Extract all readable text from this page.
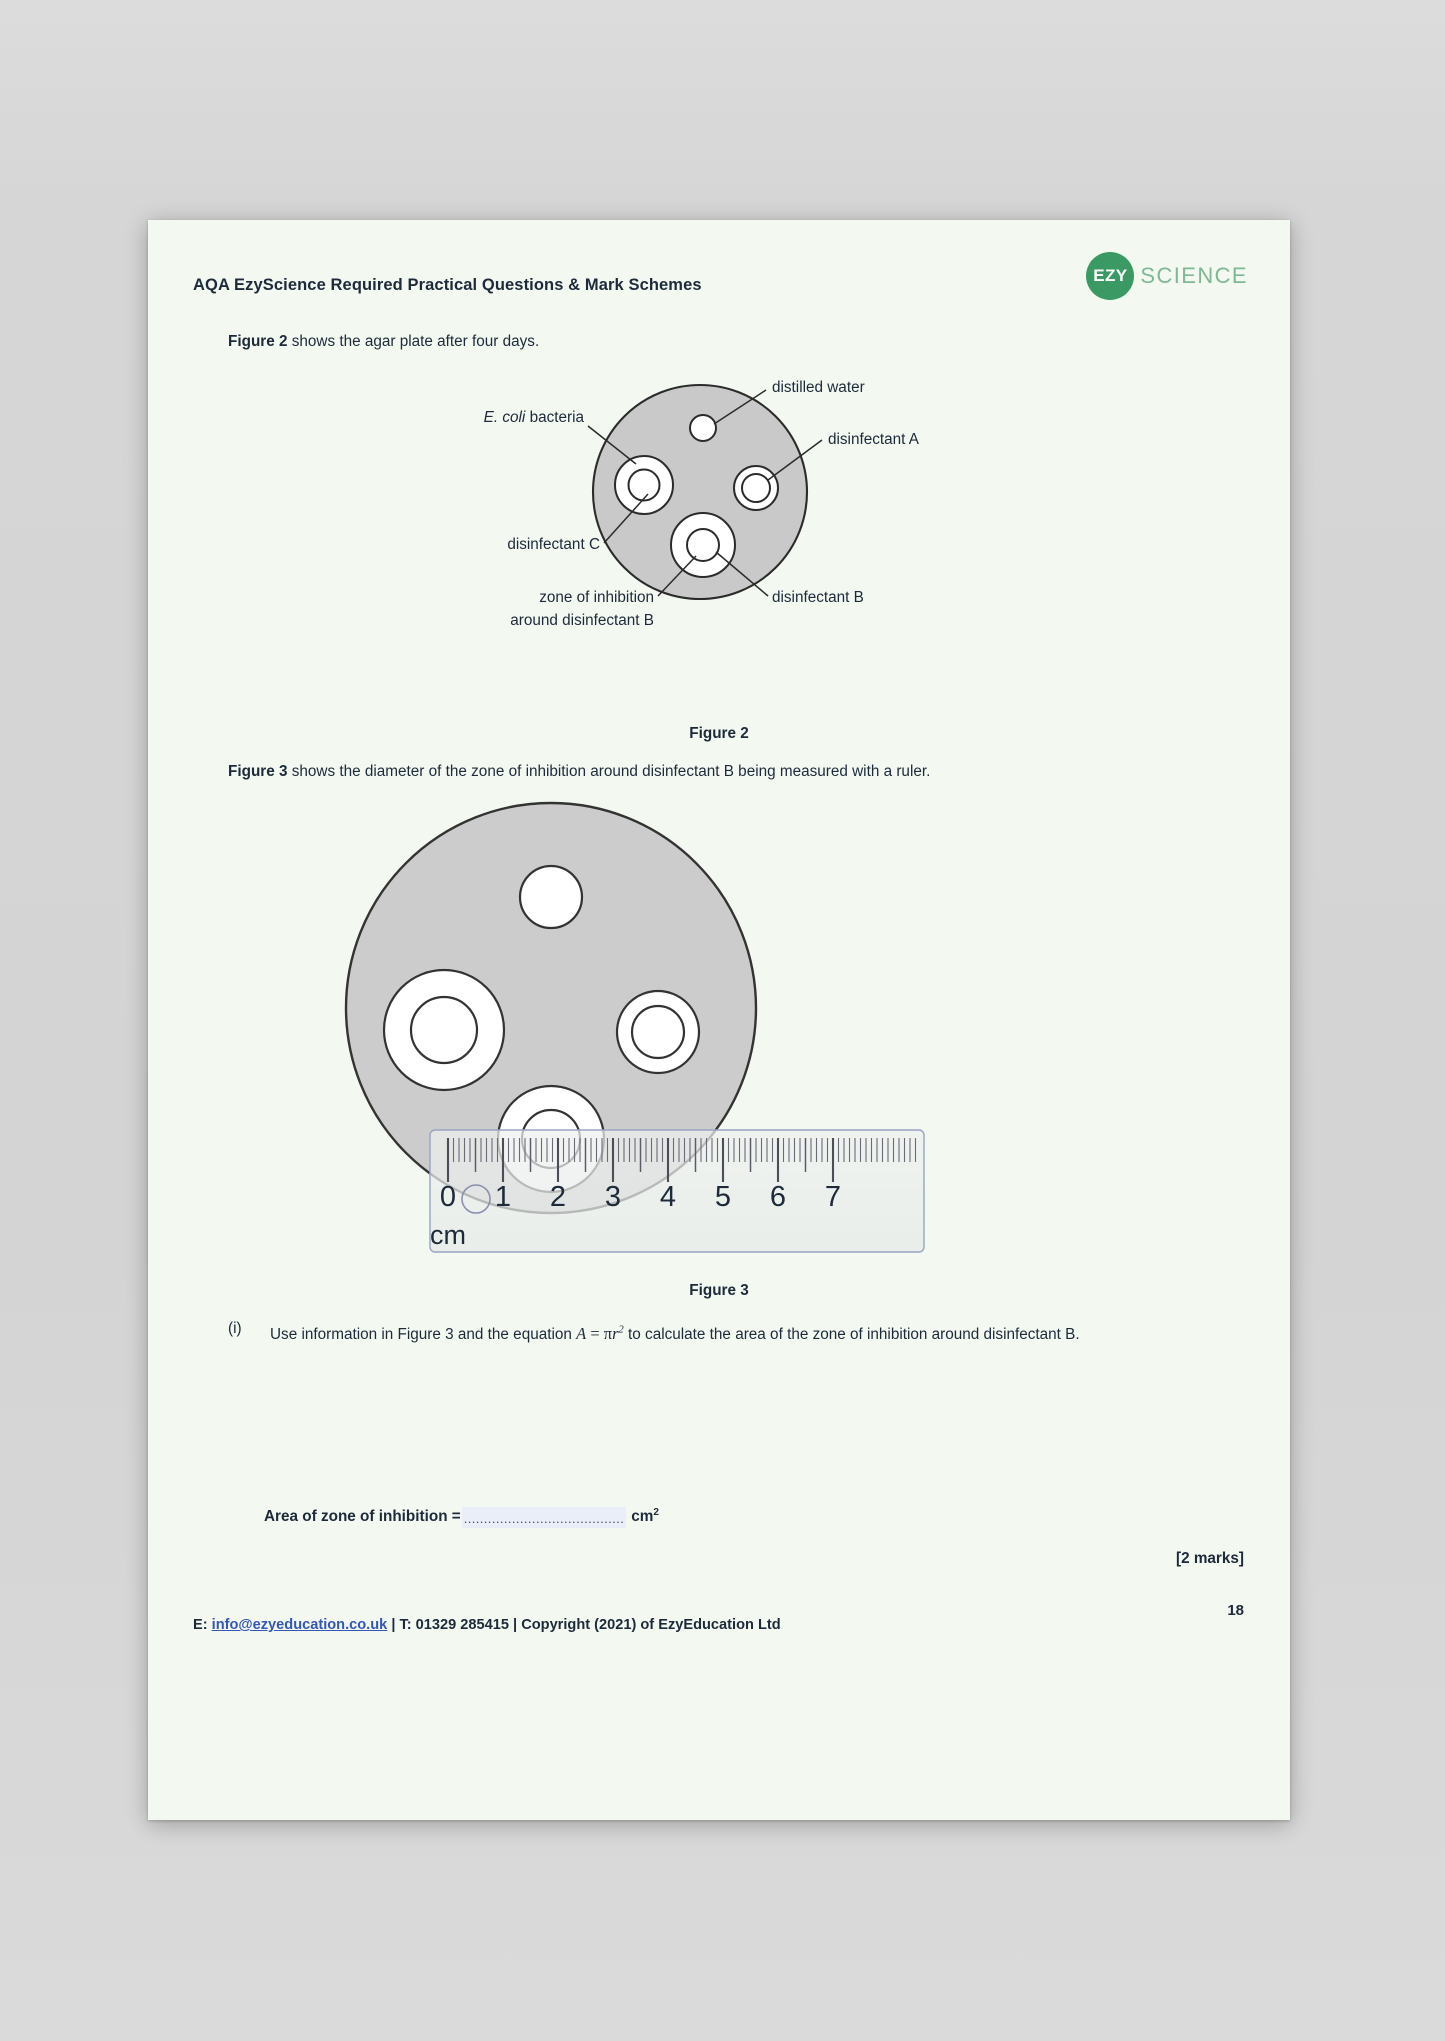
AQA EzyScience Required Practical Questions & Mark Schemes	EZY SCIENCE
Figure 2 shows the agar plate after four days.
distilled water
disinfectant A
E. coli bacteria
disinfectant C
disinfectant B
zone of inhibition
around disinfectant B
Figure 2
Figure 3 shows the diameter of the zone of inhibition around disinfectant B being measured with a ruler.
0 1 2 3 4 5 6 7
cm
Figure 3
(i) Use information in Figure 3 and the equation $A = \pi r^2$ to calculate the area of the zone of inhibition around disinfectant B.
Area of zone of inhibition = ........................................ $cm^2$
[2 marks]
18
E: info@ezyeducation.co.uk | T: 01329 285415 | Copyright (2021) of EzyEducation Ltd
